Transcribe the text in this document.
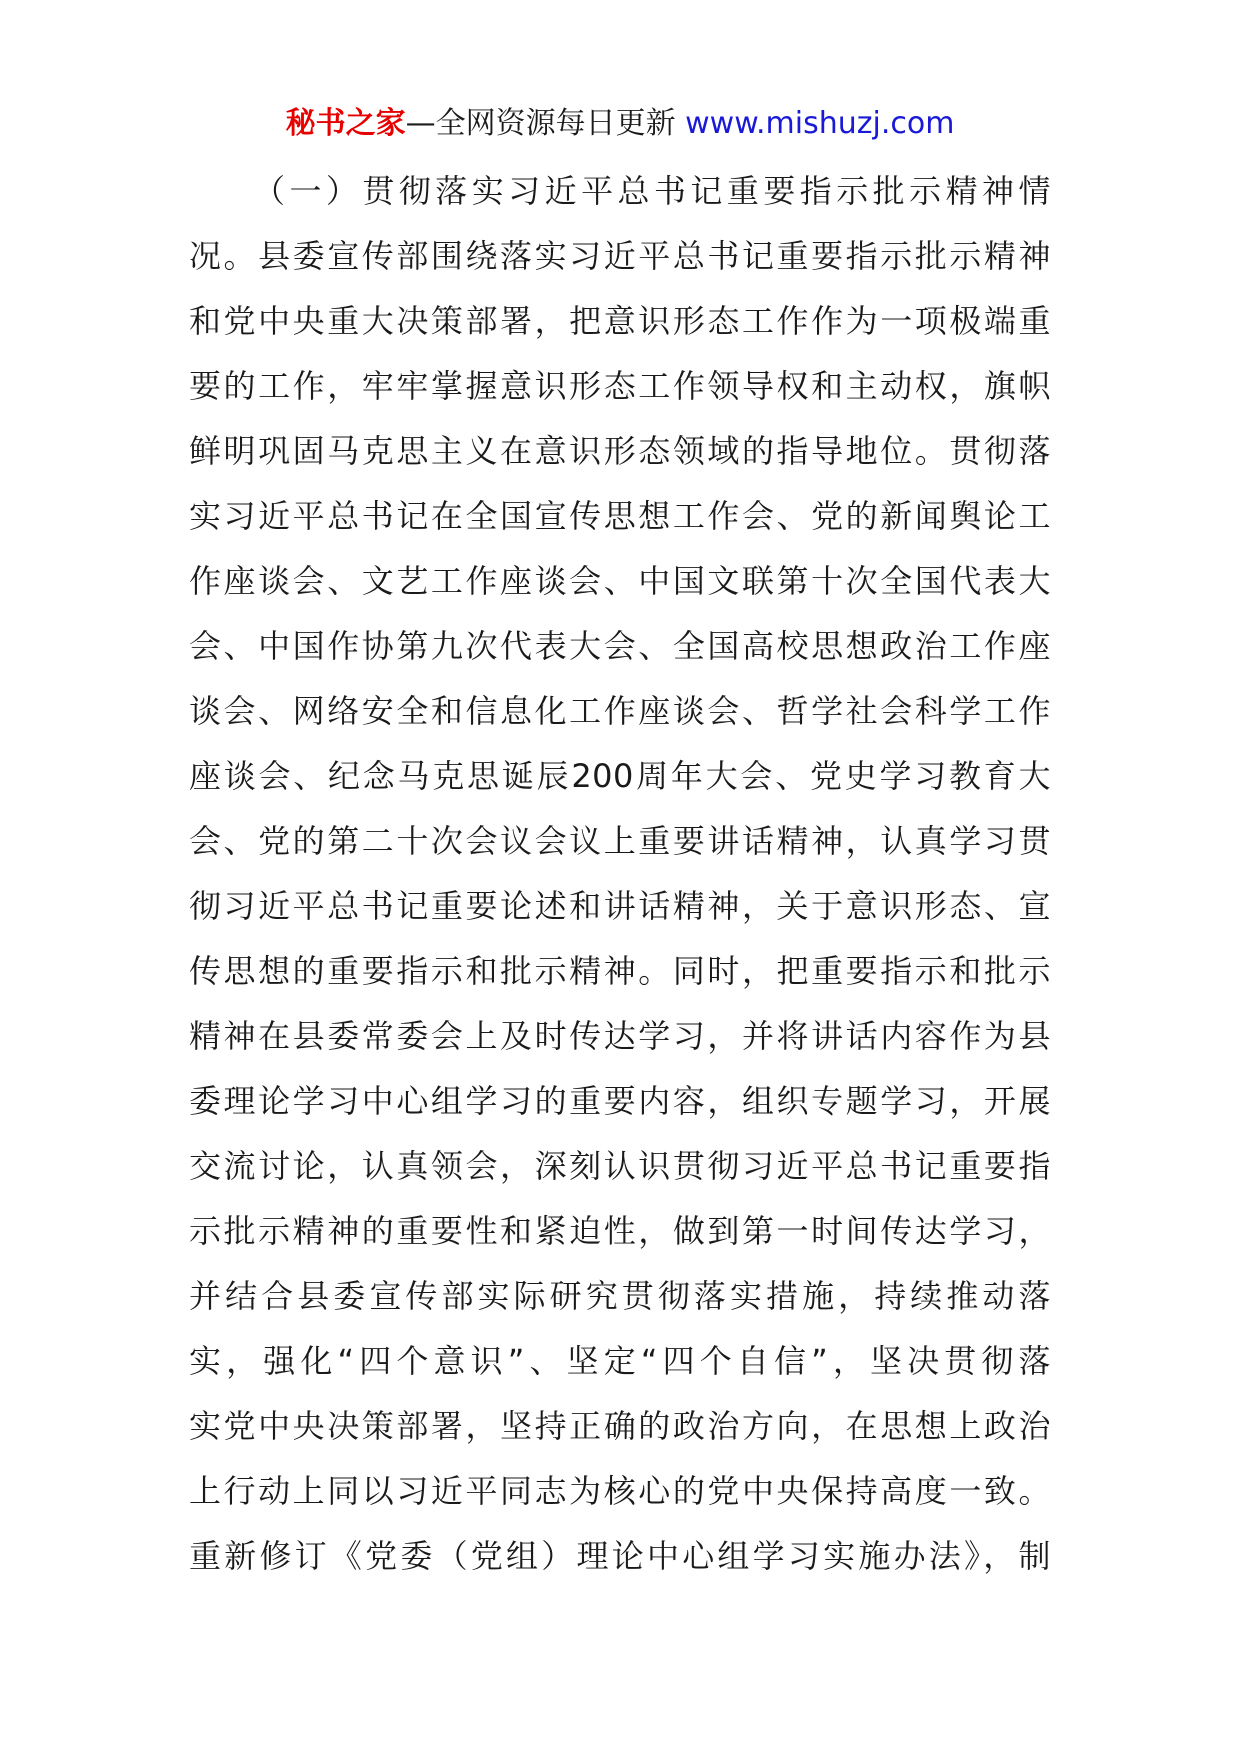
秘书之家—全网资源每日更新 www.mishuzj.com
（一）贯彻落实习近平总书记重要指示批示精神情
况。县委宣传部围绕落实习近平总书记重要指示批示精神
和党中央重大决策部署，把意识形态工作作为一项极端重
要的工作，牢牢掌握意识形态工作领导权和主动权，旗帜
鲜明巩固马克思主义在意识形态领域的指导地位。贯彻落
实习近平总书记在全国宣传思想工作会、党的新闻舆论工
作座谈会、文艺工作座谈会、中国文联第十次全国代表大
会、中国作协第九次代表大会、全国高校思想政治工作座
谈会、网络安全和信息化工作座谈会、哲学社会科学工作
座谈会、纪念马克思诞辰200周年大会、党史学习教育大
会、党的第二十次会议会议上重要讲话精神，认真学习贯
彻习近平总书记重要论述和讲话精神，关于意识形态、宣
传思想的重要指示和批示精神。同时，把重要指示和批示
精神在县委常委会上及时传达学习，并将讲话内容作为县
委理论学习中心组学习的重要内容，组织专题学习，开展
交流讨论，认真领会，深刻认识贯彻习近平总书记重要指
示批示精神的重要性和紧迫性，做到第一时间传达学习，
并结合县委宣传部实际研究贯彻落实措施，持续推动落
实，强化“四个意识”、坚定“四个自信”，坚决贯彻落
实党中央决策部署，坚持正确的政治方向，在思想上政治
上行动上同以习近平同志为核心的党中央保持高度一致。
重新修订《党委（党组）理论中心组学习实施办法》，制
